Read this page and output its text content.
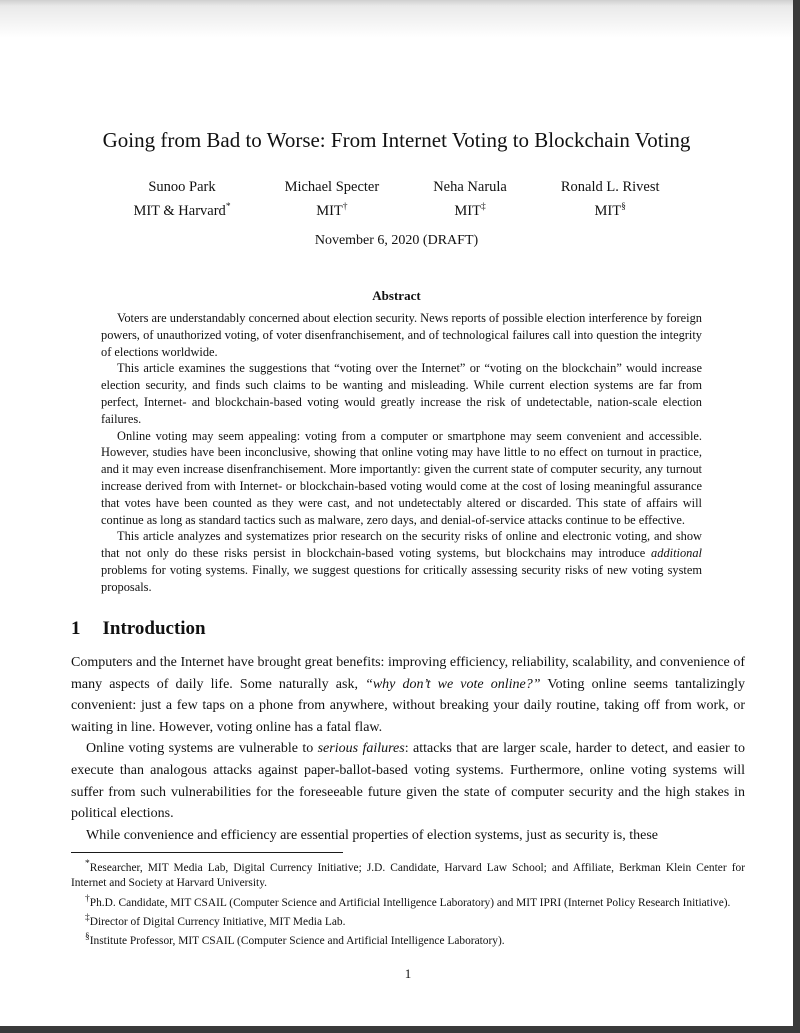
Going from Bad to Worse: From Internet Voting to Blockchain Voting
Sunoo Park
MIT & Harvard*
Michael Specter
MIT†
Neha Narula
MIT‡
Ronald L. Rivest
MIT§
November 6, 2020 (DRAFT)
Abstract

Voters are understandably concerned about election security. News reports of possible election interference by foreign powers, of unauthorized voting, of voter disenfranchisement, and of technological failures call into question the integrity of elections worldwide.

This article examines the suggestions that “voting over the Internet” or “voting on the blockchain” would increase election security, and finds such claims to be wanting and misleading. While current election systems are far from perfect, Internet- and blockchain-based voting would greatly increase the risk of undetectable, nation-scale election failures.

Online voting may seem appealing: voting from a computer or smartphone may seem convenient and accessible. However, studies have been inconclusive, showing that online voting may have little to no effect on turnout in practice, and it may even increase disenfranchisement. More importantly: given the current state of computer security, any turnout increase derived from with Internet- or blockchain-based voting would come at the cost of losing meaningful assurance that votes have been counted as they were cast, and not undetectably altered or discarded. This state of affairs will continue as long as standard tactics such as malware, zero days, and denial-of-service attacks continue to be effective.

This article analyzes and systematizes prior research on the security risks of online and electronic voting, and show that not only do these risks persist in blockchain-based voting systems, but blockchains may introduce additional problems for voting systems. Finally, we suggest questions for critically assessing security risks of new voting system proposals.

1 Introduction

Computers and the Internet have brought great benefits: improving efficiency, reliability, scalability, and convenience of many aspects of daily life. Some naturally ask, “why don’t we vote online?” Voting online seems tantalizingly convenient: just a few taps on a phone from anywhere, without breaking your daily routine, taking off from work, or waiting in line. However, voting online has a fatal flaw.

Online voting systems are vulnerable to serious failures: attacks that are larger scale, harder to detect, and easier to execute than analogous attacks against paper-ballot-based voting systems. Furthermore, online voting systems will suffer from such vulnerabilities for the foreseeable future given the state of computer security and the high stakes in political elections.

While convenience and efficiency are essential properties of election systems, just as security is, these

*Researcher, MIT Media Lab, Digital Currency Initiative; J.D. Candidate, Harvard Law School; and Affiliate, Berkman Klein Center for Internet and Society at Harvard University.

†Ph.D. Candidate, MIT CSAIL (Computer Science and Artificial Intelligence Laboratory) and MIT IPRI (Internet Policy Research Initiative).

‡Director of Digital Currency Initiative, MIT Media Lab.

§Institute Professor, MIT CSAIL (Computer Science and Artificial Intelligence Laboratory).

1
